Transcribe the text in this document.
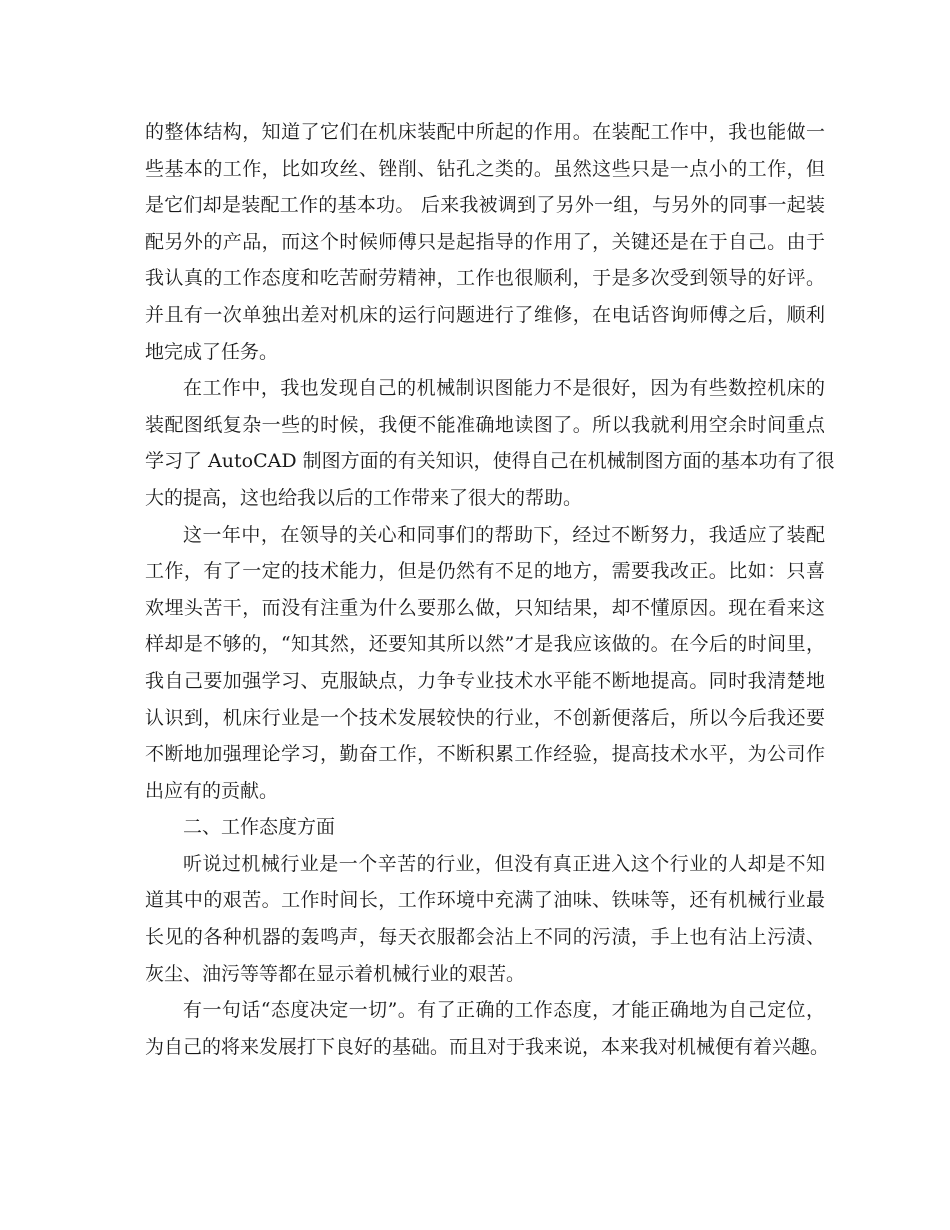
的整体结构，知道了它们在机床装配中所起的作用。在装配工作中，我也能做一
些基本的工作，比如攻丝、锉削、钻孔之类的。虽然这些只是一点小的工作，但
是它们却是装配工作的基本功。 后来我被调到了另外一组，与另外的同事一起装
配另外的产品，而这个时候师傅只是起指导的作用了，关键还是在于自己。由于
我认真的工作态度和吃苦耐劳精神，工作也很顺利，于是多次受到领导的好评。
并且有一次单独出差对机床的运行问题进行了维修，在电话咨询师傅之后，顺利
地完成了任务。
在工作中，我也发现自己的机械制识图能力不是很好，因为有些数控机床的
装配图纸复杂一些的时候，我便不能准确地读图了。所以我就利用空余时间重点
学习了 AutoCAD 制图方面的有关知识，使得自己在机械制图方面的基本功有了很
大的提高，这也给我以后的工作带来了很大的帮助。
这一年中，在领导的关心和同事们的帮助下，经过不断努力，我适应了装配
工作，有了一定的技术能力，但是仍然有不足的地方，需要我改正。比如：只喜
欢埋头苦干，而没有注重为什么要那么做，只知结果，却不懂原因。现在看来这
样却是不够的，“知其然，还要知其所以然”才是我应该做的。在今后的时间里，
我自己要加强学习、克服缺点，力争专业技术水平能不断地提高。同时我清楚地
认识到，机床行业是一个技术发展较快的行业，不创新便落后，所以今后我还要
不断地加强理论学习，勤奋工作，不断积累工作经验，提高技术水平，为公司作
出应有的贡献。
二、工作态度方面
听说过机械行业是一个辛苦的行业，但没有真正进入这个行业的人却是不知
道其中的艰苦。工作时间长，工作环境中充满了油味、铁味等，还有机械行业最
长见的各种机器的轰鸣声，每天衣服都会沾上不同的污渍，手上也有沾上污渍、
灰尘、油污等等都在显示着机械行业的艰苦。
有一句话“态度决定一切”。有了正确的工作态度，才能正确地为自己定位，
为自己的将来发展打下良好的基础。而且对于我来说，本来我对机械便有着兴趣。
